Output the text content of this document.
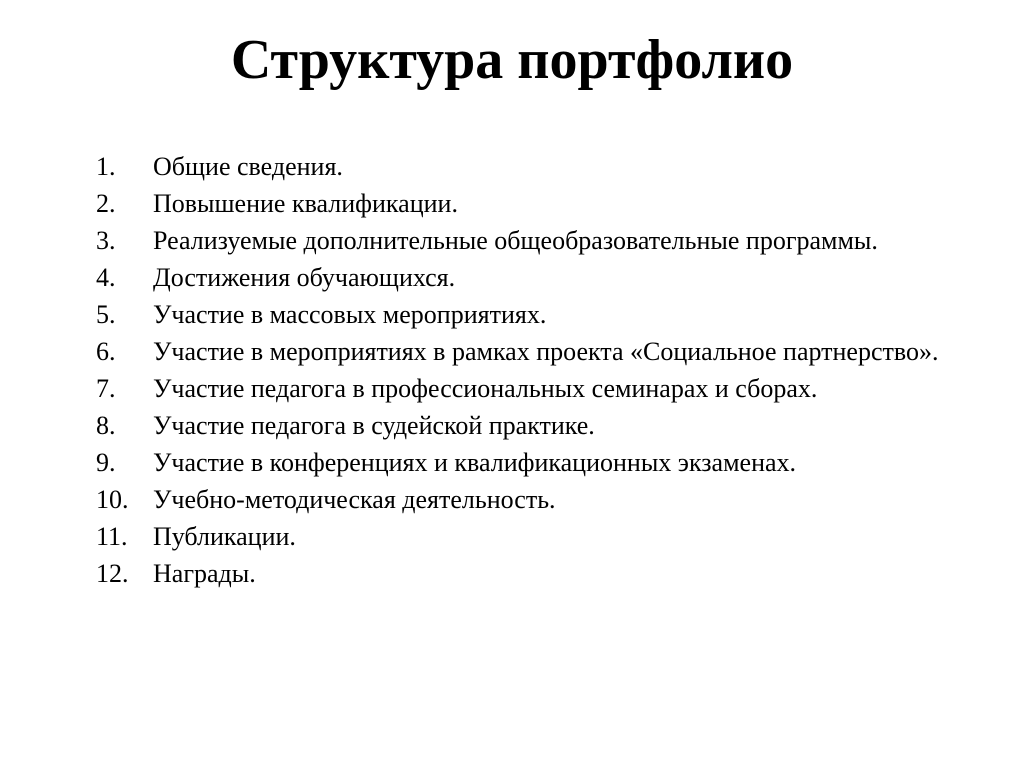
Структура портфолио
1.	Общие сведения.
2.	Повышение квалификации.
3.	Реализуемые дополнительные общеобразовательные программы.
4.	Достижения обучающихся.
5.	Участие в массовых мероприятиях.
6.	Участие в мероприятиях в рамках проекта «Социальное партнерство».
7.	Участие педагога в профессиональных семинарах и сборах.
8.	Участие педагога в судейской практике.
9.	Участие в конференциях и квалификационных экзаменах.
10. Учебно-методическая деятельность.
11. Публикации.
12. Награды.
